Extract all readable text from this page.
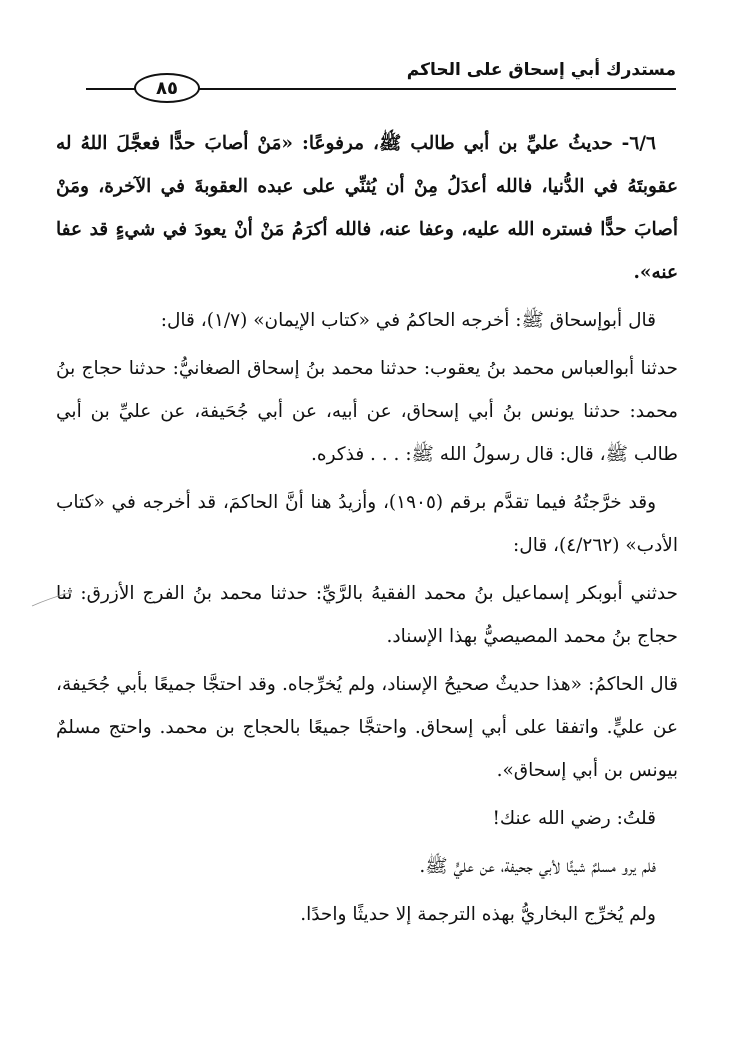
مستدرك أبي إسحاق على الحاكم
٨٥

٦/٦- حديثُ عليِّ بن أبي طالب ﷺ، مرفوعًا: «مَنْ أصابَ حدًّا فعجَّلَ اللهُ له عقوبتَهُ في الدُّنيا، فالله أعدَلُ مِنْ أن يُثنِّي على عبده العقوبةَ في الآخرة، ومَنْ أصابَ حدًّا فستره الله عليه، وعفا عنه، فالله أكرَمُ مَنْ أنْ يعودَ في شيءٍ قد عفا عنه».

قال أبوإسحاق ﷺ: أخرجه الحاكمُ في «كتاب الإيمان» (١/٧)، قال:

حدثنا أبوالعباس محمد بنُ يعقوب: حدثنا محمد بنُ إسحاق الصغانيُّ: حدثنا حجاج بنُ محمد: حدثنا يونس بنُ أبي إسحاق، عن أبيه، عن أبي جُحَيفة، عن عليِّ بن أبي طالب ﷺ، قال: قال رسولُ الله ﷺ: . . . فذكره.

وقد خرَّجتُهُ فيما تقدَّم برقم (١٩٠٥)، وأزيدُ هنا أنَّ الحاكمَ، قد أخرجه في «كتاب الأدب» (٤/٢٦٢)، قال:

حدثني أبوبكر إسماعيل بنُ محمد الفقيهُ بالرَّيِّ: حدثنا محمد بنُ الفرج الأزرق: ثنا حجاج بنُ محمد المصيصيُّ بهذا الإسناد.

قال الحاكمُ: «هذا حديثٌ صحيحُ الإسناد، ولم يُخرِّجاه. وقد احتجَّا جميعًا بأبي جُحَيفة، عن عليٍّ. واتفقا على أبي إسحاق. واحتجَّا جميعًا بالحجاج بن محمد. واحتج مسلمٌ بيونس بن أبي إسحاق».

قلتُ: رضي الله عنك!

فلم يرو مسلمٌ شيئًا لأبي جحيفة، عن عليٍّ ﷺ.

ولم يُخرِّج البخاريُّ بهذه الترجمة إلا حديثًا واحدًا.
